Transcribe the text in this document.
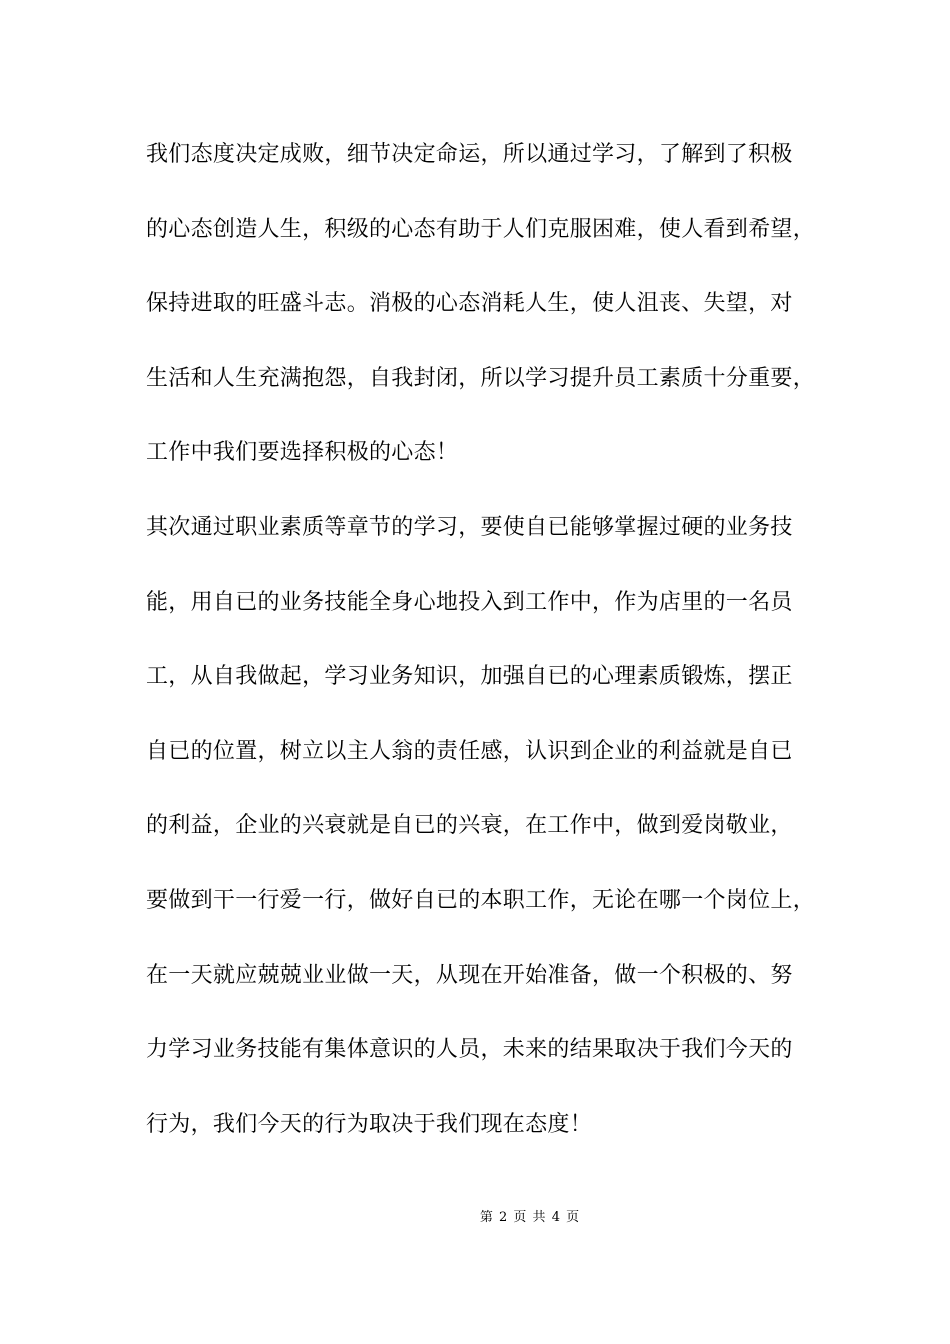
我们态度决定成败，细节决定命运，所以通过学习，了解到了积极
的心态创造人生，积级的心态有助于人们克服困难，使人看到希望，
保持进取的旺盛斗志。消极的心态消耗人生，使人沮丧、失望，对
生活和人生充满抱怨，自我封闭，所以学习提升员工素质十分重要，
工作中我们要选择积极的心态！
其次通过职业素质等章节的学习，要使自已能够掌握过硬的业务技
能，用自已的业务技能全身心地投入到工作中，作为店里的一名员
工，从自我做起，学习业务知识，加强自已的心理素质锻炼，摆正
自已的位置，树立以主人翁的责任感，认识到企业的利益就是自已
的利益，企业的兴衰就是自已的兴衰，在工作中，做到爱岗敬业，
要做到干一行爱一行，做好自已的本职工作，无论在哪一个岗位上，
在一天就应兢兢业业做一天，从现在开始准备，做一个积极的、努
力学习业务技能有集体意识的人员，未来的结果取决于我们今天的
行为，我们今天的行为取决于我们现在态度！
第 2 页 共 4 页
